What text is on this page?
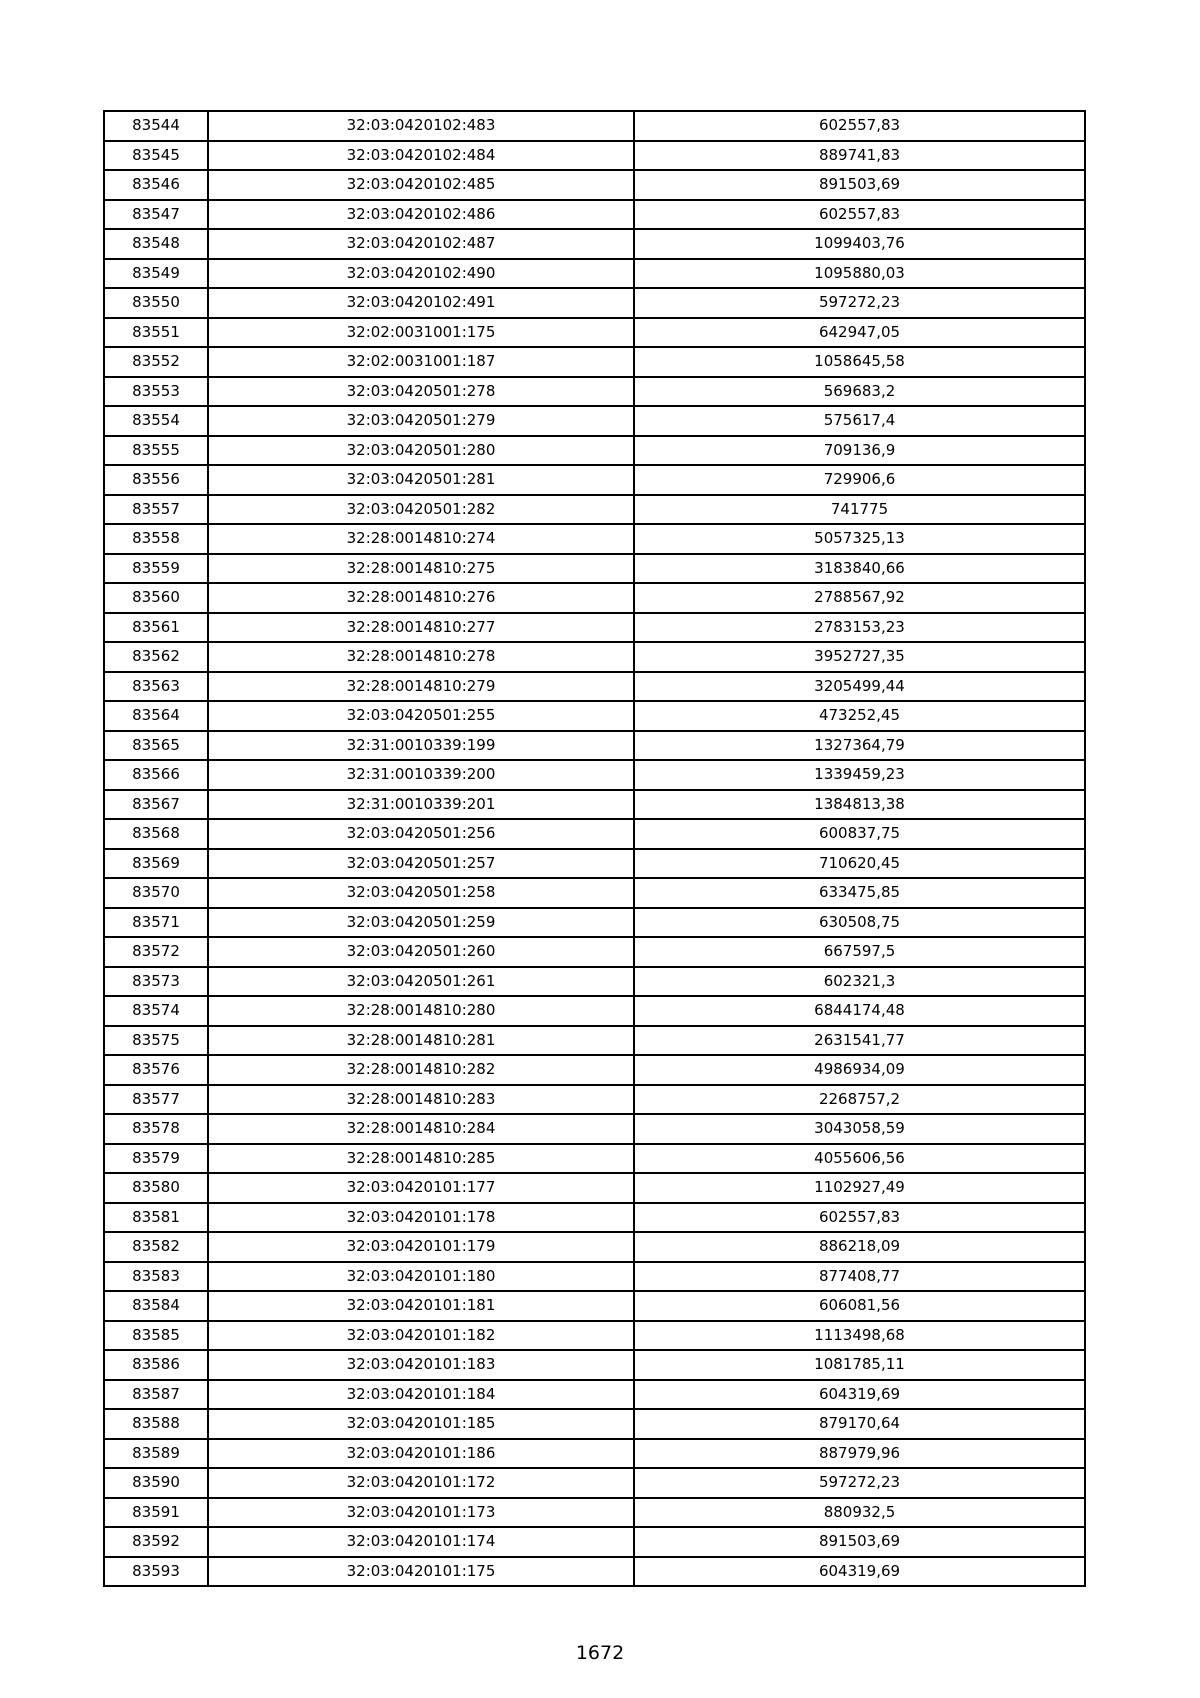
83544	32:03:0420102:483	602557,83
83545	32:03:0420102:484	889741,83
83546	32:03:0420102:485	891503,69
83547	32:03:0420102:486	602557,83
83548	32:03:0420102:487	1099403,76
83549	32:03:0420102:490	1095880,03
83550	32:03:0420102:491	597272,23
83551	32:02:0031001:175	642947,05
83552	32:02:0031001:187	1058645,58
83553	32:03:0420501:278	569683,2
83554	32:03:0420501:279	575617,4
83555	32:03:0420501:280	709136,9
83556	32:03:0420501:281	729906,6
83557	32:03:0420501:282	741775
83558	32:28:0014810:274	5057325,13
83559	32:28:0014810:275	3183840,66
83560	32:28:0014810:276	2788567,92
83561	32:28:0014810:277	2783153,23
83562	32:28:0014810:278	3952727,35
83563	32:28:0014810:279	3205499,44
83564	32:03:0420501:255	473252,45
83565	32:31:0010339:199	1327364,79
83566	32:31:0010339:200	1339459,23
83567	32:31:0010339:201	1384813,38
83568	32:03:0420501:256	600837,75
83569	32:03:0420501:257	710620,45
83570	32:03:0420501:258	633475,85
83571	32:03:0420501:259	630508,75
83572	32:03:0420501:260	667597,5
83573	32:03:0420501:261	602321,3
83574	32:28:0014810:280	6844174,48
83575	32:28:0014810:281	2631541,77
83576	32:28:0014810:282	4986934,09
83577	32:28:0014810:283	2268757,2
83578	32:28:0014810:284	3043058,59
83579	32:28:0014810:285	4055606,56
83580	32:03:0420101:177	1102927,49
83581	32:03:0420101:178	602557,83
83582	32:03:0420101:179	886218,09
83583	32:03:0420101:180	877408,77
83584	32:03:0420101:181	606081,56
83585	32:03:0420101:182	1113498,68
83586	32:03:0420101:183	1081785,11
83587	32:03:0420101:184	604319,69
83588	32:03:0420101:185	879170,64
83589	32:03:0420101:186	887979,96
83590	32:03:0420101:172	597272,23
83591	32:03:0420101:173	880932,5
83592	32:03:0420101:174	891503,69
83593	32:03:0420101:175	604319,69
1672
